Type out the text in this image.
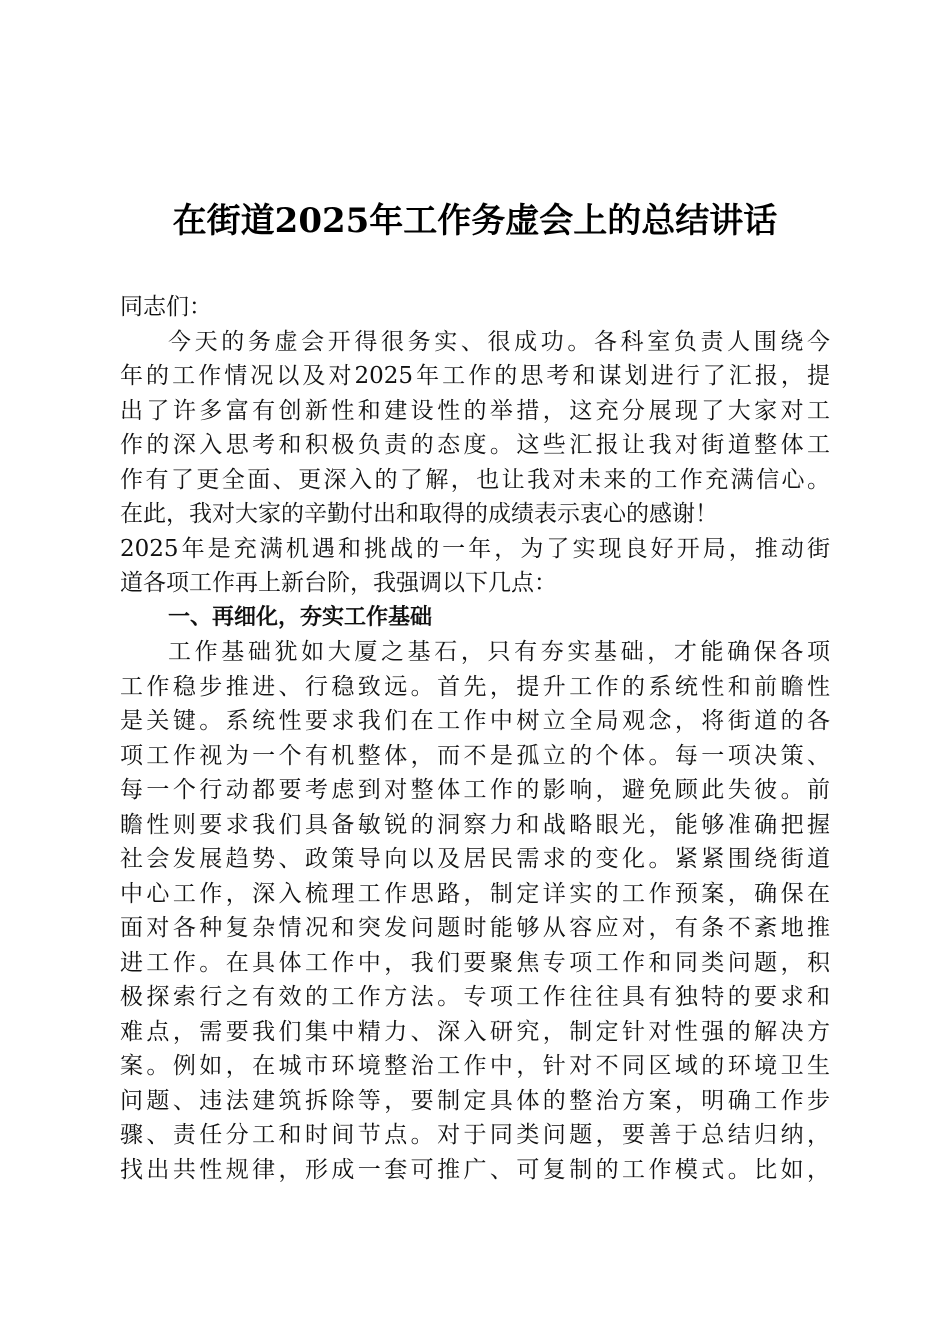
在街道2025年工作务虚会上的总结讲话
同志们：
今天的务虚会开得很务实、很成功。各科室负责人围绕今
年的工作情况以及对2025年工作的思考和谋划进行了汇报，提
出了许多富有创新性和建设性的举措，这充分展现了大家对工
作的深入思考和积极负责的态度。这些汇报让我对街道整体工
作有了更全面、更深入的了解，也让我对未来的工作充满信心。
在此，我对大家的辛勤付出和取得的成绩表示衷心的感谢！
2025年是充满机遇和挑战的一年，为了实现良好开局，推动街
道各项工作再上新台阶，我强调以下几点：
一、再细化，夯实工作基础
工作基础犹如大厦之基石，只有夯实基础，才能确保各项
工作稳步推进、行稳致远。首先，提升工作的系统性和前瞻性
是关键。系统性要求我们在工作中树立全局观念，将街道的各
项工作视为一个有机整体，而不是孤立的个体。每一项决策、
每一个行动都要考虑到对整体工作的影响，避免顾此失彼。前
瞻性则要求我们具备敏锐的洞察力和战略眼光，能够准确把握
社会发展趋势、政策导向以及居民需求的变化。紧紧围绕街道
中心工作，深入梳理工作思路，制定详实的工作预案，确保在
面对各种复杂情况和突发问题时能够从容应对，有条不紊地推
进工作。在具体工作中，我们要聚焦专项工作和同类问题，积
极探索行之有效的工作方法。专项工作往往具有独特的要求和
难点，需要我们集中精力、深入研究，制定针对性强的解决方
案。例如，在城市环境整治工作中，针对不同区域的环境卫生
问题、违法建筑拆除等，要制定具体的整治方案，明确工作步
骤、责任分工和时间节点。对于同类问题，要善于总结归纳，
找出共性规律，形成一套可推广、可复制的工作模式。比如，
